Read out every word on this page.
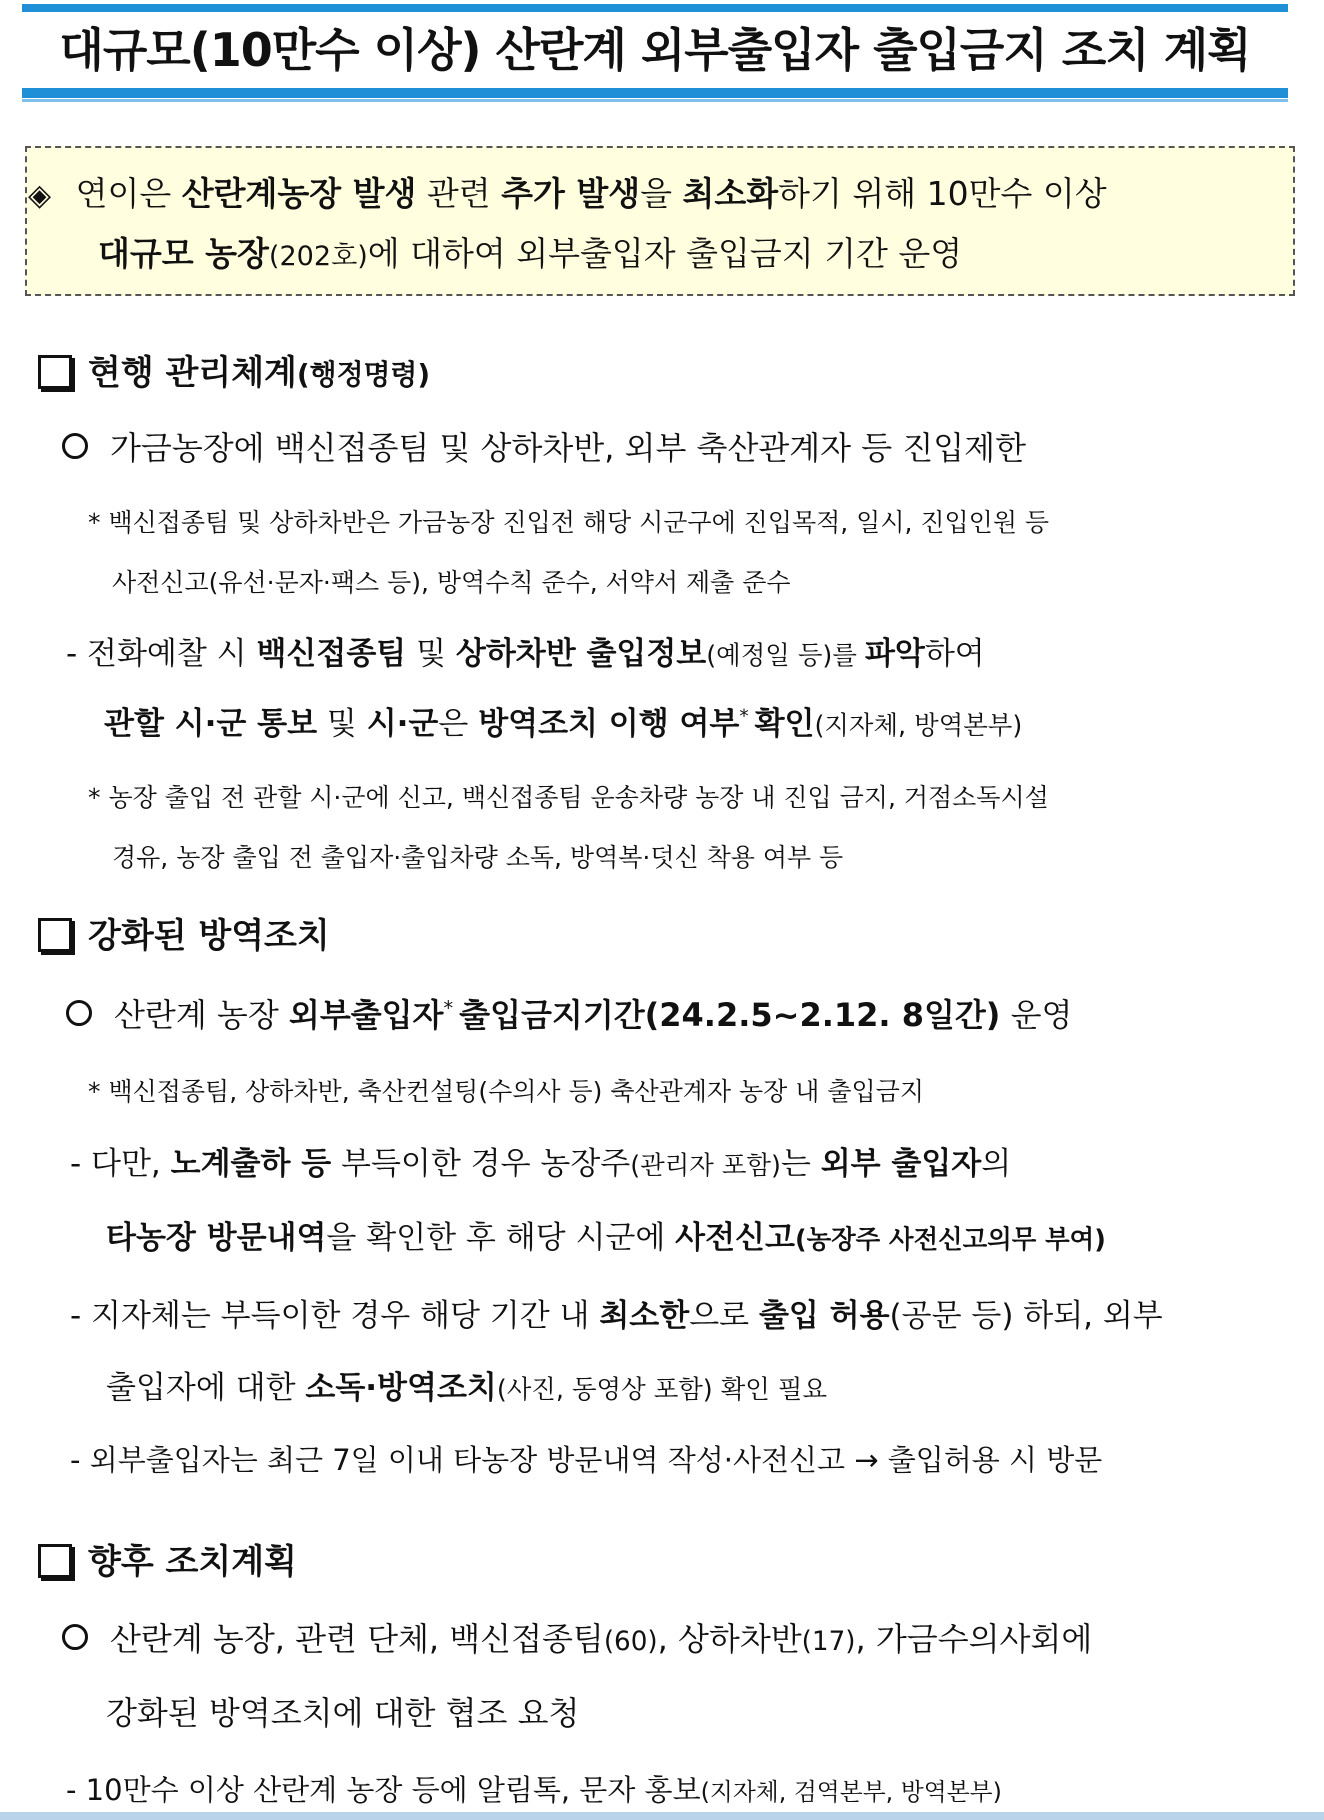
대규모(10만수 이상) 산란계 외부출입자 출입금지 조치 계획
◈ 연이은 산란계농장 발생 관련 추가 발생을 최소화하기 위해 10만수 이상
대규모 농장(202호)에 대하여 외부출입자 출입금지 기간 운영
현행 관리체계(행정명령)
가금농장에 백신접종팀 및 상하차반, 외부 축산관계자 등 진입제한
* 백신접종팀 및 상하차반은 가금농장 진입전 해당 시군구에 진입목적, 일시, 진입인원 등
사전신고(유선·문자·팩스 등), 방역수칙 준수, 서약서 제출 준수
- 전화예찰 시 백신접종팀 및 상하차반 출입정보(예정일 등)를 파악하여
관할 시·군 통보 및 시·군은 방역조치 이행 여부* 확인(지자체, 방역본부)
* 농장 출입 전 관할 시·군에 신고, 백신접종팀 운송차량 농장 내 진입 금지, 거점소독시설
경유, 농장 출입 전 출입자·출입차량 소독, 방역복·덧신 착용 여부 등
강화된 방역조치
산란계 농장 외부출입자* 출입금지기간(24.2.5~2.12. 8일간) 운영
* 백신접종팀, 상하차반, 축산컨설팅(수의사 등) 축산관계자 농장 내 출입금지
- 다만, 노계출하 등 부득이한 경우 농장주(관리자 포함)는 외부 출입자의
타농장 방문내역을 확인한 후 해당 시군에 사전신고(농장주 사전신고의무 부여)
- 지자체는 부득이한 경우 해당 기간 내 최소한으로 출입 허용(공문 등) 하되, 외부
출입자에 대한 소독·방역조치(사진, 동영상 포함) 확인 필요
- 외부출입자는 최근 7일 이내 타농장 방문내역 작성·사전신고 → 출입허용 시 방문
향후 조치계획
산란계 농장, 관련 단체, 백신접종팀(60), 상하차반(17), 가금수의사회에
강화된 방역조치에 대한 협조 요청
- 10만수 이상 산란계 농장 등에 알림톡, 문자 홍보(지자체, 검역본부, 방역본부)
